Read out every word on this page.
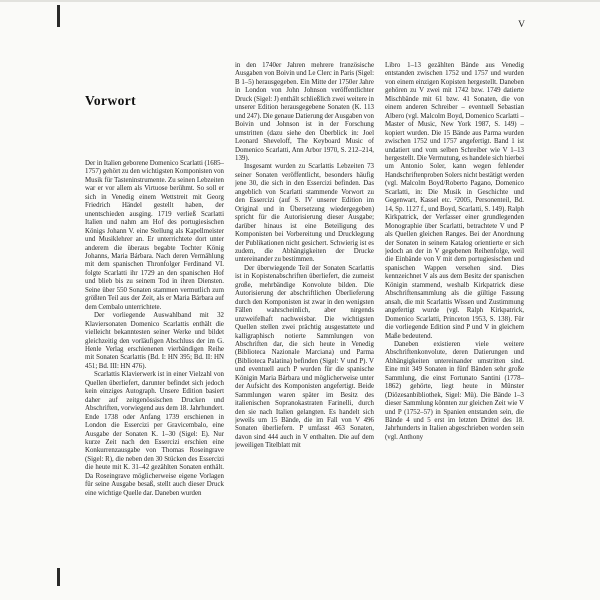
V
Vorwort

Der in Italien geborene Domenico Scarlatti (1685–1757) gehört zu den wichtigsten Komponisten von Musik für Tasteninstrumente. Zu seinen Lebzeiten war er vor allem als Virtuose berühmt. So soll er sich in Venedig einem Wettstreit mit Georg Friedrich Händel gestellt haben, der unentschieden ausging. 1719 verließ Scarlatti Italien und nahm am Hof des portugiesischen Königs Johann V. eine Stellung als Kapellmeister und Musiklehrer an. Er unterrichtete dort unter anderem die überaus begabte Tochter König Johanns, Maria Bárbara. Nach deren Vermählung mit dem spanischen Thronfolger Ferdinand VI. folgte Scarlatti ihr 1729 an den spanischen Hof und blieb bis zu seinem Tod in ihren Diensten. Seine über 550 Sonaten stammen vermutlich zum größten Teil aus der Zeit, als er Maria Bárbara auf dem Cembalo unterrichtete.

Der vorliegende Auswahlband mit 32 Klaviersonaten Domenico Scarlattis enthält die vielleicht bekanntesten seiner Werke und bildet gleichzeitig den vorläufigen Abschluss der im G. Henle Verlag erschienenen vierbändigen Reihe mit Sonaten Scarlattis (Bd. I: HN 395; Bd. II: HN 451; Bd. III: HN 476).

Scarlattis Klavierwerk ist in einer Vielzahl von Quellen überliefert, darunter befindet sich jedoch kein einziges Autograph. Unsere Edition basiert daher auf zeitgenössischen Drucken und Abschriften, vorwiegend aus dem 18. Jahrhundert. Ende 1738 oder Anfang 1739 erschienen in London die Essercizi per Gravicembalo, eine Ausgabe der Sonaten K. 1–30 (Sigel: E). Nur kurze Zeit nach den Essercizi erschien eine Konkurrenzausgabe von Thomas Roseingrave (Sigel: R), die neben den 30 Stücken des Essercizi die heute mit K. 31–42 gezählten Sonaten enthält. Da Roseingrave möglicherweise eigene Vorlagen für seine Ausgabe besaß, stellt auch dieser Druck eine wichtige Quelle dar. Daneben wurden

in den 1740er Jahren mehrere französische Ausgaben von Boivin und Le Clerc in Paris (Sigel: B 1–5) herausgegeben. Ein Mitte der 1750er Jahre in London von John Johnson veröffentlichter Druck (Sigel: J) enthält schließlich zwei weitere in unserer Edition herausgegebene Sonaten (K. 113 und 247). Die genaue Datierung der Ausgaben von Boivin und Johnson ist in der Forschung umstritten (dazu siehe den Überblick in: Joel Leonard Sheveloff, The Keyboard Music of Domenico Scarlatti, Ann Arbor 1970, S. 212–214, 139).

Insgesamt wurden zu Scarlattis Lebzeiten 73 seiner Sonaten veröffentlicht, besonders häufig jene 30, die sich in den Essercizi befinden. Das angeblich von Scarlatti stammende Vorwort zu den Essercizi (auf S. IV unserer Edition im Original und in Übersetzung wiedergegeben) spricht für die Autorisierung dieser Ausgabe; darüber hinaus ist eine Beteiligung des Komponisten bei Vorbereitung und Drucklegung der Publikationen nicht gesichert. Schwierig ist es zudem, die Abhängigkeiten der Drucke untereinander zu bestimmen.

Der überwiegende Teil der Sonaten Scarlattis ist in Kopistenabschriften überliefert, die zumeist große, mehrbändige Konvolute bilden. Die Autorisierung der abschriftlichen Überlieferung durch den Komponisten ist zwar in den wenigsten Fällen wahrscheinlich, aber nirgends unzweifelhaft nachweisbar. Die wichtigsten Quellen stellen zwei prächtig ausgestattete und kalligraphisch notierte Sammlungen von Abschriften dar, die sich heute in Venedig (Biblioteca Nazionale Marciana) und Parma (Biblioteca Palatina) befinden (Sigel: V und P). V und eventuell auch P wurden für die spanische Königin Maria Bárbara und möglicherweise unter der Aufsicht des Komponisten angefertigt. Beide Sammlungen waren später im Besitz des italienischen Sopranokastraten Farinelli, durch den sie nach Italien gelangten. Es handelt sich jeweils um 15 Bände, die im Fall von V 496 Sonaten überliefern. P umfasst 463 Sonaten, davon sind 444 auch in V enthalten. Die auf dem jeweiligen Titelblatt mit

Libro 1–13 gezählten Bände aus Venedig entstanden zwischen 1752 und 1757 und wurden von einem einzigen Kopisten hergestellt. Daneben gehören zu V zwei mit 1742 bzw. 1749 datierte Mischbände mit 61 bzw. 41 Sonaten, die von einem anderen Schreiber – eventuell Sebastian Albero (vgl. Malcolm Boyd, Domenico Scarlatti – Master of Music, New York 1987, S. 149) – kopiert wurden. Die 15 Bände aus Parma wurden zwischen 1752 und 1757 angefertigt. Band 1 ist undatiert und vom selben Schreiber wie V 1–13 hergestellt. Die Vermutung, es handele sich hierbei um Antonio Soler, kann wegen fehlender Handschriftenproben Solers nicht bestätigt werden (vgl. Malcolm Boyd/Roberto Pagano, Domenico Scarlatti, in: Die Musik in Geschichte und Gegenwart, Kassel etc. ²2005, Personenteil, Bd. 14, Sp. 1127 f., und Boyd, Scarlatti, S. 149). Ralph Kirkpatrick, der Verfasser einer grundlegenden Monographie über Scarlatti, betrachtete V und P als Quellen gleichen Ranges. Bei der Anordnung der Sonaten in seinem Katalog orientierte er sich jedoch an der in V gegebenen Reihenfolge, weil die Einbände von V mit dem portugiesischen und spanischen Wappen versehen sind. Dies kennzeichnet V als aus dem Besitz der spanischen Königin stammend, weshalb Kirkpatrick diese Abschriftensammlung als die gültige Fassung ansah, die mit Scarlattis Wissen und Zustimmung angefertigt wurde (vgl. Ralph Kirkpatrick, Domenico Scarlatti, Princeton 1953, S. 138). Für die vorliegende Edition sind P und V in gleichem Maße bedeutend.

Daneben existieren viele weitere Abschriftenkonvolute, deren Datierungen und Abhängigkeiten untereinander umstritten sind. Eine mit 349 Sonaten in fünf Bänden sehr große Sammlung, die einst Fortunato Santini (1778–1862) gehörte, liegt heute in Münster (Diözesanbibliothek, Sigel: Mü). Die Bände 1–3 dieser Sammlung könnten zur gleichen Zeit wie V und P (1752–57) in Spanien entstanden sein, die Bände 4 und 5 erst im letzten Drittel des 18. Jahrhunderts in Italien abgeschrieben worden sein (vgl. Anthony
